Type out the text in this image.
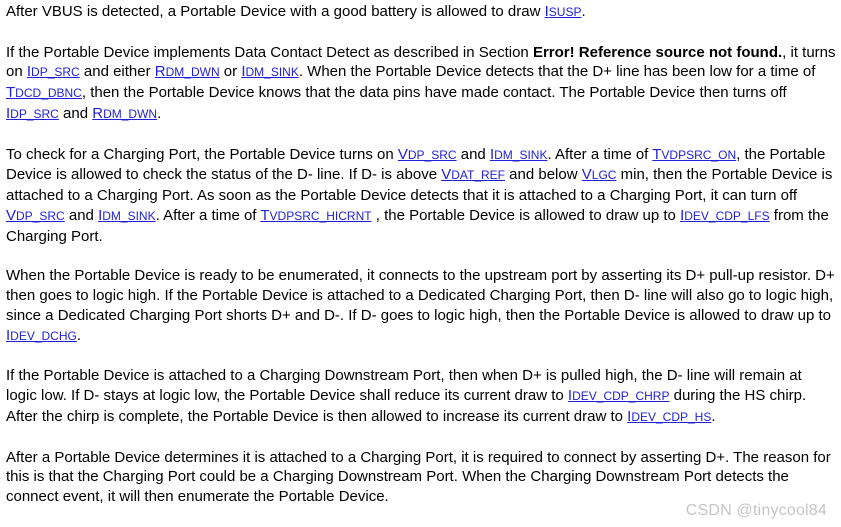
After VBUS is detected, a Portable Device with a good battery is allowed to draw ISUSP.

If the Portable Device implements Data Contact Detect as described in Section Error! Reference source not found., it turns on IDP_SRC and either RDM_DWN or IDM_SINK. When the Portable Device detects that the D+ line has been low for a time of TDCD_DBNC, then the Portable Device knows that the data pins have made contact. The Portable Device then turns off IDP_SRC and RDM_DWN.

To check for a Charging Port, the Portable Device turns on VDP_SRC and IDM_SINK. After a time of TVDPSRC_ON, the Portable Device is allowed to check the status of the D- line. If D- is above VDAT_REF and below VLGC min, then the Portable Device is attached to a Charging Port. As soon as the Portable Device detects that it is attached to a Charging Port, it can turn off VDP_SRC and IDM_SINK. After a time of TVDPSRC_HICRNT , the Portable Device is allowed to draw up to IDEV_CDP_LFS from the Charging Port.

When the Portable Device is ready to be enumerated, it connects to the upstream port by asserting its D+ pull-up resistor. D+ then goes to logic high. If the Portable Device is attached to a Dedicated Charging Port, then D- line will also go to logic high, since a Dedicated Charging Port shorts D+ and D-. If D- goes to logic high, then the Portable Device is allowed to draw up to IDEV_DCHG.

If the Portable Device is attached to a Charging Downstream Port, then when D+ is pulled high, the D- line will remain at logic low. If D- stays at logic low, the Portable Device shall reduce its current draw to IDEV_CDP_CHRP during the HS chirp. After the chirp is complete, the Portable Device is then allowed to increase its current draw to IDEV_CDP_HS.

After a Portable Device determines it is attached to a Charging Port, it is required to connect by asserting D+. The reason for this is that the Charging Port could be a Charging Downstream Port. When the Charging Downstream Port detects the connect event, it will then enumerate the Portable Device.

CSDN @tinycool84
